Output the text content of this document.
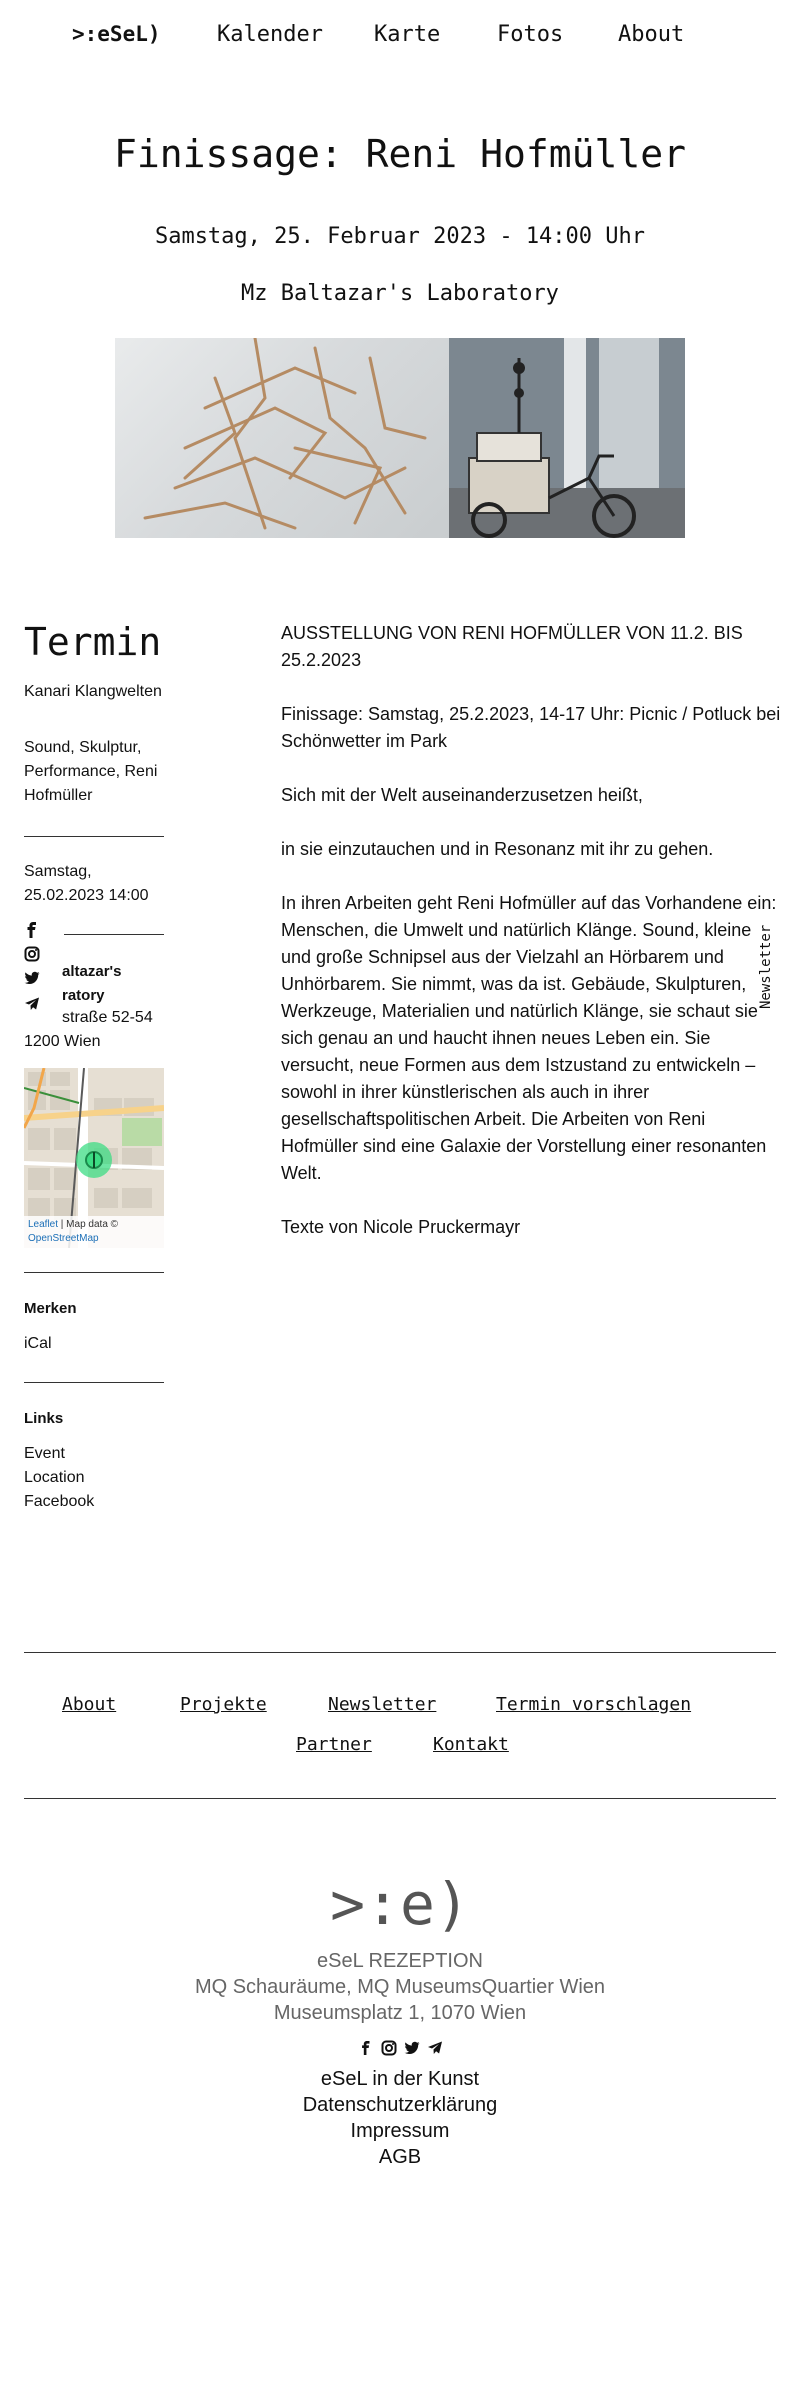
>:eSeL)	Kalender Karte	Fotos About
Finissage: Reni Hofmüller
Samstag, 25. Februar 2023 - 14:00 Uhr
Mz Baltazar's Laboratory
Termin
Kanari Klangwelten
Sound, Skulptur, Performance, Reni Hofmüller
Samstag,
25.02.2023 14:00
altazar's
ratory
straße 52-54
1200 Wien
Leaflet | Map data ©
OpenStreetMap
Merken
iCal
Links
Event
Location
Facebook
AUSSTELLUNG VON RENI HOFMÜLLER VON 11.2. BIS 25.2.2023
Finissage: Samstag, 25.2.2023, 14-17 Uhr: Picnic / Potluck bei Schönwetter im Park
Sich mit der Welt auseinanderzusetzen heißt,
in sie einzutauchen und in Resonanz mit ihr zu gehen.
In ihren Arbeiten geht Reni Hofmüller auf das Vorhandene ein: Menschen, die Umwelt und natürlich Klänge. Sound, kleine und große Schnipsel aus der Vielzahl an Hörbarem und Unhörbarem. Sie nimmt, was da ist. Gebäude, Skulpturen, Werkzeuge, Materialien und natürlich Klänge, sie schaut sie sich genau an und haucht ihnen neues Leben ein. Sie versucht, neue Formen aus dem Istzustand zu entwickeln – sowohl in ihrer künstlerischen als auch in ihrer gesellschaftspolitischen Arbeit. Die Arbeiten von Reni Hofmüller sind eine Galaxie der Vorstellung einer resonanten Welt.
Texte von Nicole Pruckermayr
Newsletter
About	Projekte	Newsletter	Termin vorschlagen
Partner	Kontakt
>:e)
eSeL REZEPTION
MQ Schauräume, MQ MuseumsQuartier Wien
Museumsplatz 1, 1070 Wien
eSeL in der Kunst
Datenschutzerklärung
Impressum
AGB
